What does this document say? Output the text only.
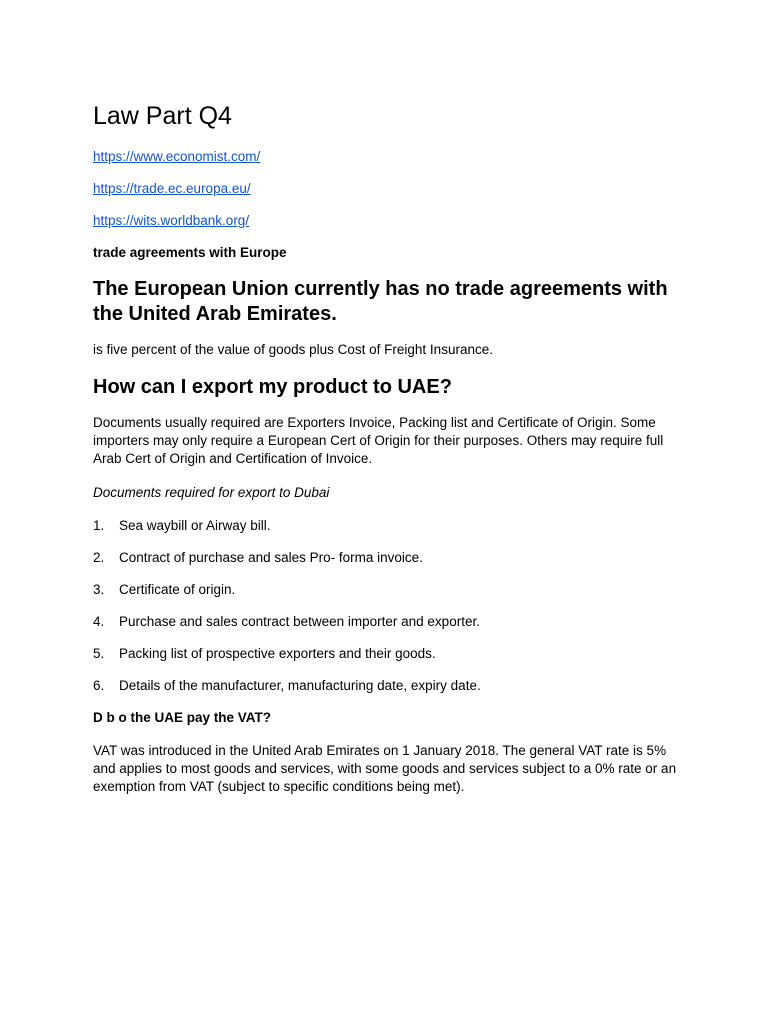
Law Part Q4
https://www.economist.com/
https://trade.ec.europa.eu/
https://wits.worldbank.org/
trade agreements with Europe
The European Union currently has no trade agreements with the United Arab Emirates.

is five percent of the value of goods plus Cost of Freight Insurance.

How can I export my product to UAE?

Documents usually required are Exporters Invoice, Packing list and Certificate of Origin. Some importers may only require a European Cert of Origin for their purposes. Others may require full Arab Cert of Origin and Certification of Invoice.

Documents required for export to Dubai

1.	Sea waybill or Airway bill.
2.	Contract of purchase and sales Pro- forma invoice.
3.	Certificate of origin.
4.	Purchase and sales contract between importer and exporter.
5.	Packing list of prospective exporters and their goods.
6.	Details of the manufacturer, manufacturing date, expiry date.
D b o the UAE pay the VAT?

VAT was introduced in the United Arab Emirates on 1 January 2018. The general VAT rate is 5% and applies to most goods and services, with some goods and services subject to a 0% rate or an exemption from VAT (subject to specific conditions being met).
